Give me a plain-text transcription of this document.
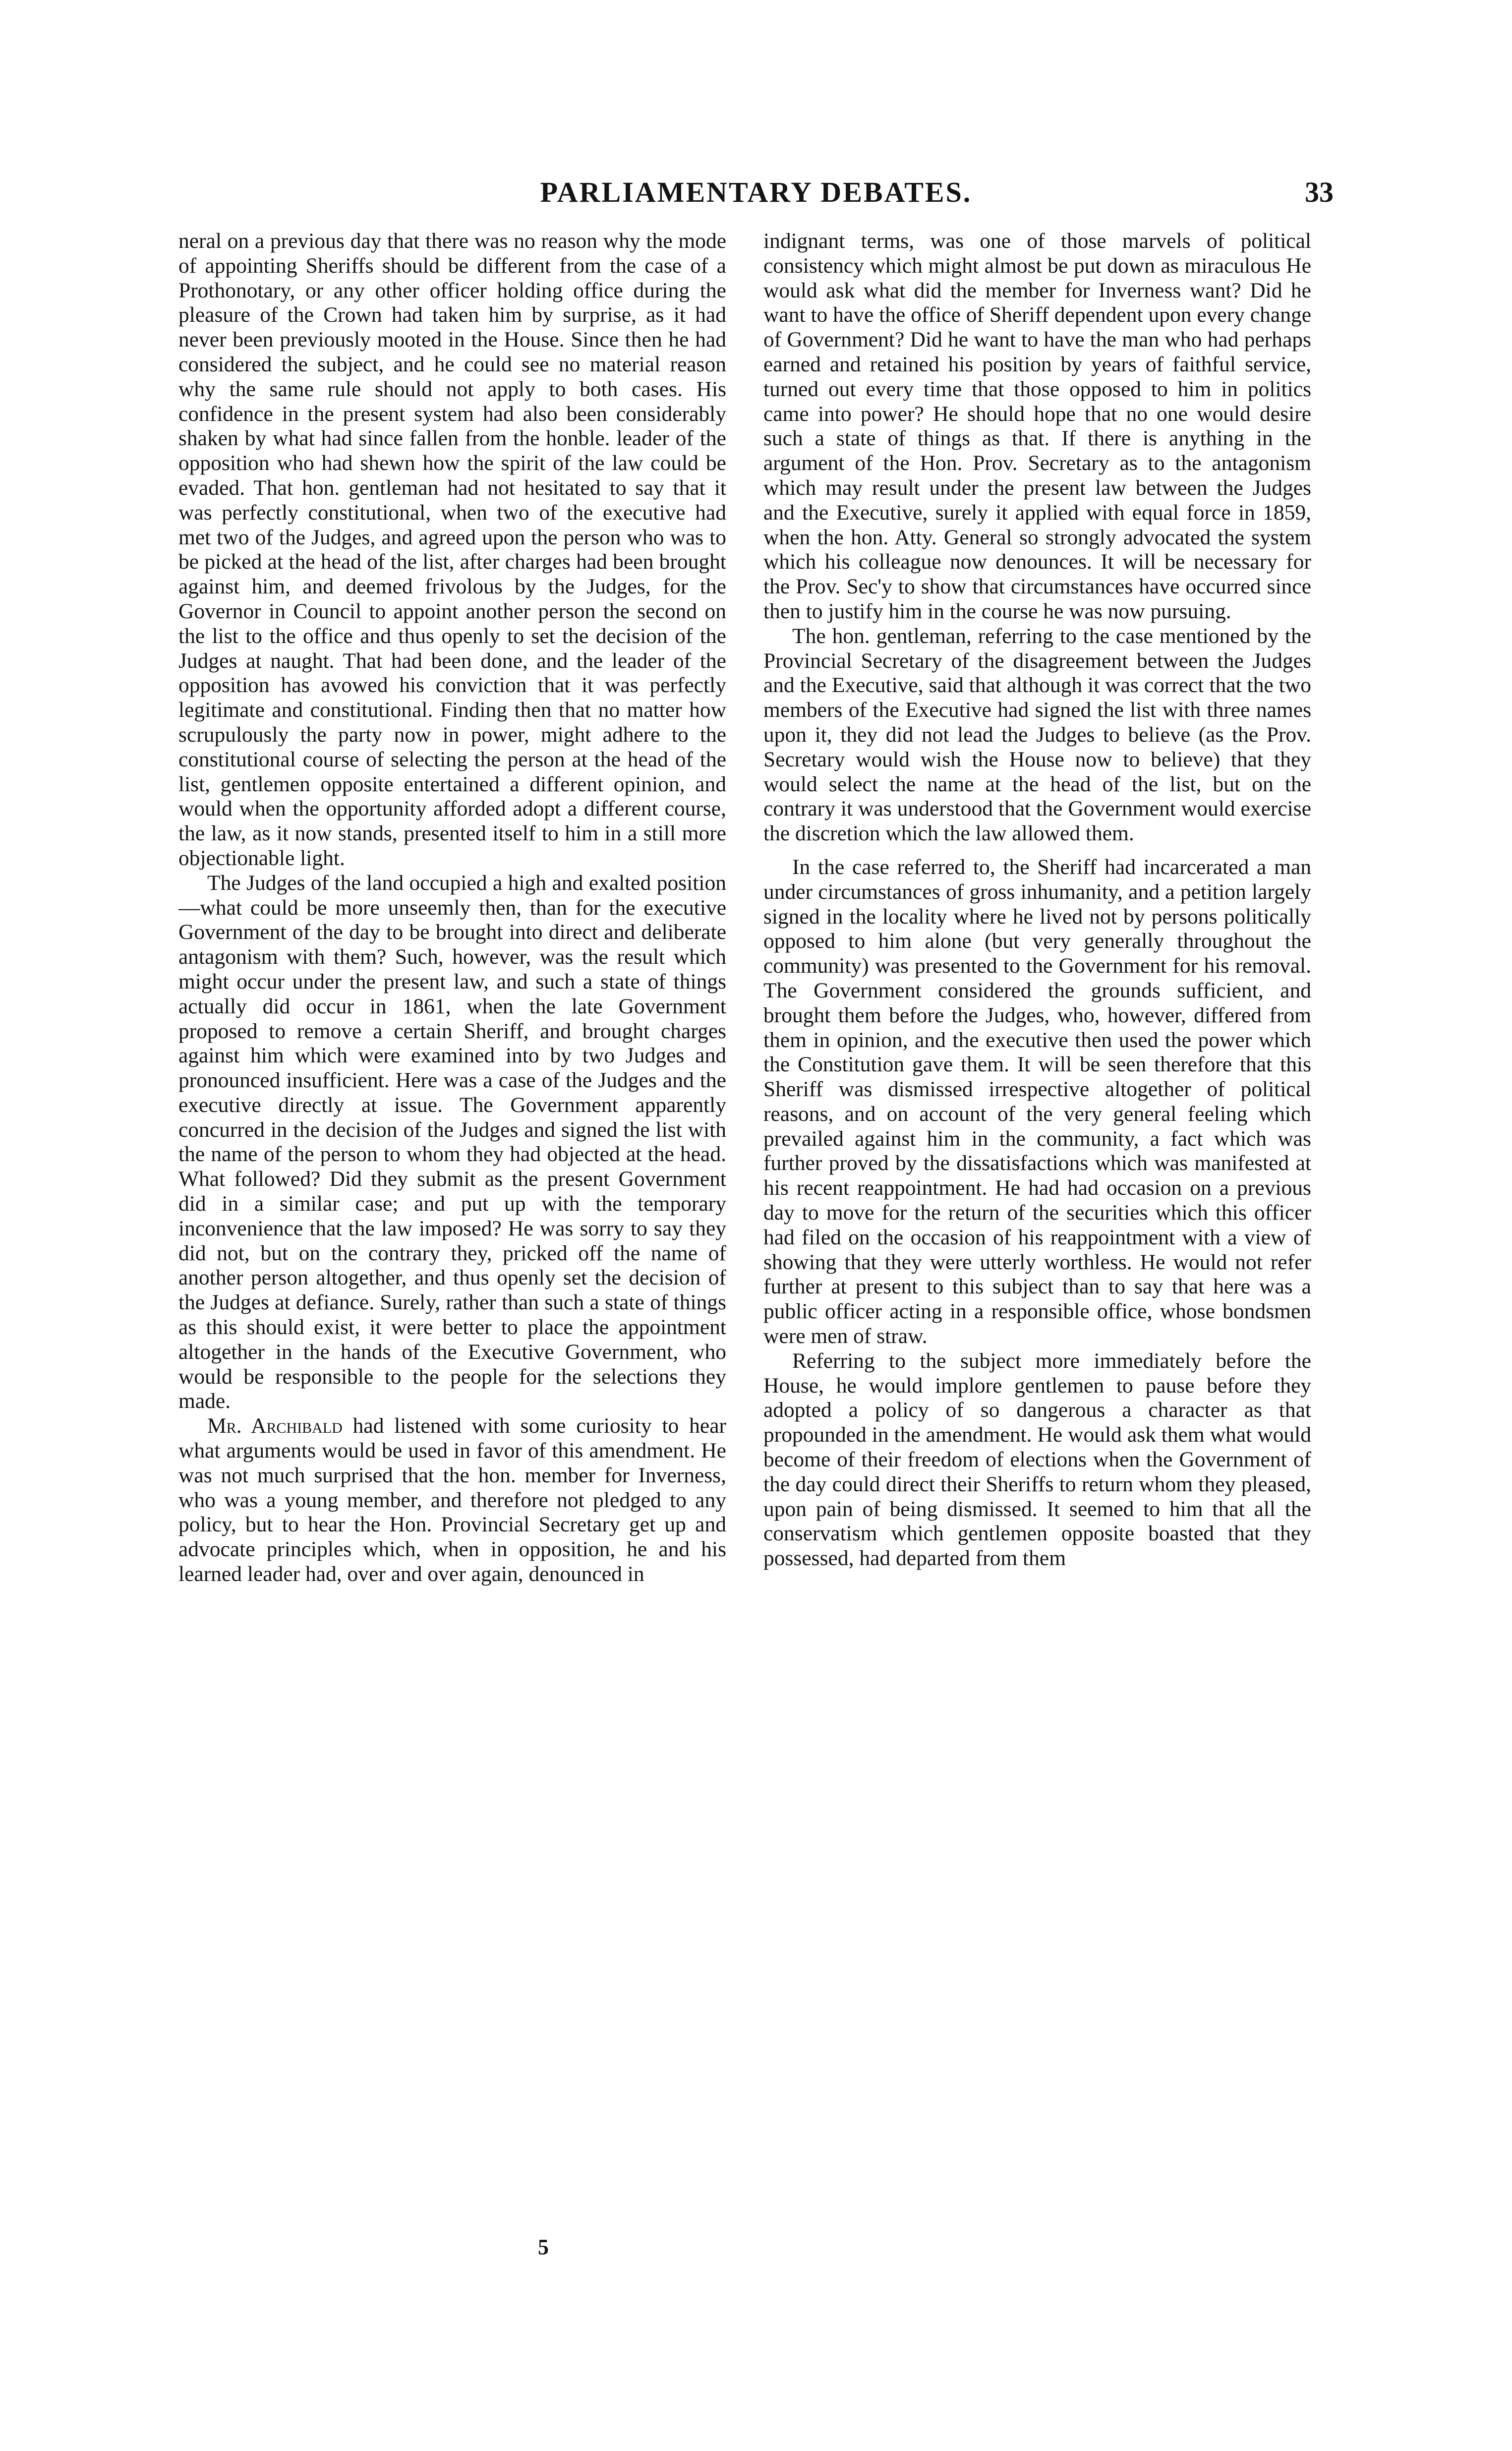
PARLIAMENTARY DEBATES.	33

neral on a previous day that there was no reason why the mode of appointing Sheriffs should be different from the case of a Prothonotary, or any other officer holding office during the pleasure of the Crown had taken him by surprise, as it had never been previously mooted in the House. Since then he had considered the subject, and he could see no material reason why the same rule should not apply to both cases. His confidence in the present system had also been considerably shaken by what had since fallen from the honble. leader of the opposition who had shewn how the spirit of the law could be evaded. That hon. gentleman had not hesitated to say that it was perfectly constitutional, when two of the executive had met two of the Judges, and agreed upon the person who was to be picked at the head of the list, after charges had been brought against him, and deemed frivolous by the Judges, for the Governor in Council to appoint another person the second on the list to the office and thus openly to set the decision of the Judges at naught. That had been done, and the leader of the opposition has avowed his conviction that it was perfectly legitimate and constitutional. Finding then that no matter how scrupulously the party now in power, might adhere to the constitutional course of selecting the person at the head of the list, gentlemen opposite entertained a different opinion, and would when the opportunity afforded adopt a different course, the law, as it now stands, presented itself to him in a still more objectionable light.

The Judges of the land occupied a high and exalted position—what could be more unseemly then, than for the executive Government of the day to be brought into direct and deliberate antagonism with them? Such, however, was the result which might occur under the present law, and such a state of things actually did occur in 1861, when the late Government proposed to remove a certain Sheriff, and brought charges against him which were examined into by two Judges and pronounced insufficient. Here was a case of the Judges and the executive directly at issue. The Government apparently concurred in the decision of the Judges and signed the list with the name of the person to whom they had objected at the head. What followed? Did they submit as the present Government did in a similar case; and put up with the temporary inconvenience that the law imposed? He was sorry to say they did not, but on the contrary they, pricked off the name of another person altogether, and thus openly set the decision of the Judges at defiance. Surely, rather than such a state of things as this should exist, it were better to place the appointment altogether in the hands of the Executive Government, who would be responsible to the people for the selections they made.

Mr. Archibald had listened with some curiosity to hear what arguments would be used in favor of this amendment. He was not much surprised that the hon. member for Inverness, who was a young member, and therefore not pledged to any policy, but to hear the Hon. Provincial Secretary get up and advocate principles which, when in opposition, he and his learned leader had, over and over again, denounced in

indignant terms, was one of those marvels of political consistency which might almost be put down as miraculous He would ask what did the member for Inverness want? Did he want to have the office of Sheriff dependent upon every change of Government? Did he want to have the man who had perhaps earned and retained his position by years of faithful service, turned out every time that those opposed to him in politics came into power? He should hope that no one would desire such a state of things as that. If there is anything in the argument of the Hon. Prov. Secretary as to the antagonism which may result under the present law between the Judges and the Executive, surely it applied with equal force in 1859, when the hon. Atty. General so strongly advocated the system which his colleague now denounces. It will be necessary for the Prov. Sec'y to show that circumstances have occurred since then to justify him in the course he was now pursuing.

The hon. gentleman, referring to the case mentioned by the Provincial Secretary of the disagreement between the Judges and the Executive, said that although it was correct that the two members of the Executive had signed the list with three names upon it, they did not lead the Judges to believe (as the Prov. Secretary would wish the House now to believe) that they would select the name at the head of the list, but on the contrary it was understood that the Government would exercise the discretion which the law allowed them.

In the case referred to, the Sheriff had incarcerated a man under circumstances of gross inhumanity, and a petition largely signed in the locality where he lived not by persons politically opposed to him alone (but very generally throughout the community) was presented to the Government for his removal. The Government considered the grounds sufficient, and brought them before the Judges, who, however, differed from them in opinion, and the executive then used the power which the Constitution gave them. It will be seen therefore that this Sheriff was dismissed irrespective altogether of political reasons, and on account of the very general feeling which prevailed against him in the community, a fact which was further proved by the dissatisfactions which was manifested at his recent reappointment. He had had occasion on a previous day to move for the return of the securities which this officer had filed on the occasion of his reappointment with a view of showing that they were utterly worthless. He would not refer further at present to this subject than to say that here was a public officer acting in a responsible office, whose bondsmen were men of straw.

Referring to the subject more immediately before the House, he would implore gentlemen to pause before they adopted a policy of so dangerous a character as that propounded in the amendment. He would ask them what would become of their freedom of elections when the Government of the day could direct their Sheriffs to return whom they pleased, upon pain of being dismissed. It seemed to him that all the conservatism which gentlemen opposite boasted that they possessed, had departed from them

5
